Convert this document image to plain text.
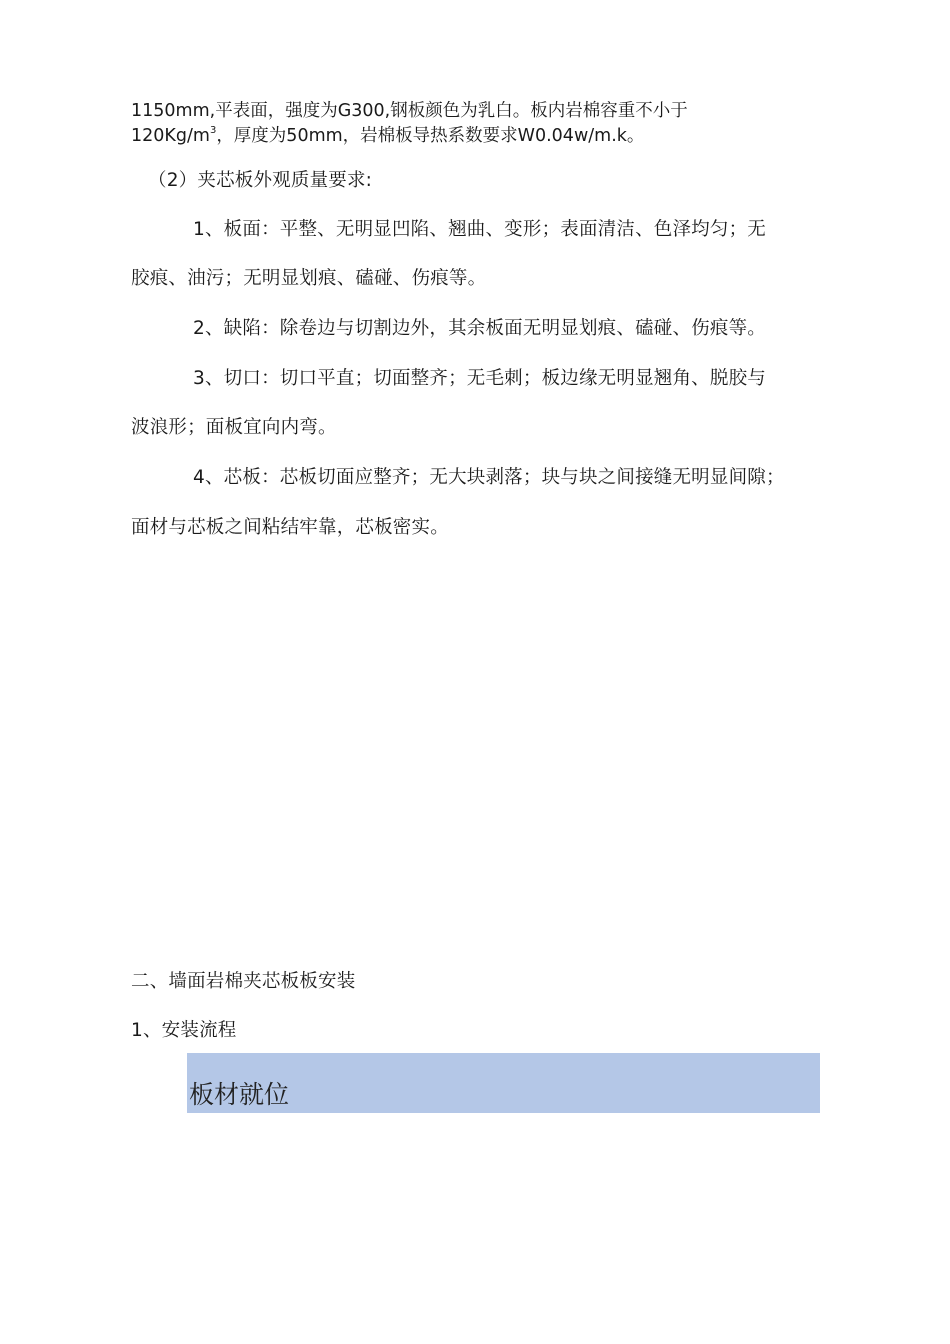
1150mm,平表面，强度为G300,钢板颜色为乳白。板内岩棉容重不小于
$120Kg/m^3$，厚度为50mm，岩棉板导热系数要求W0.04w/m.k。
（2）夹芯板外观质量要求:
1、板面：平整、无明显凹陷、翘曲、变形；表面清洁、色泽均匀；无
胶痕、油污；无明显划痕、磕碰、伤痕等。
2、缺陷：除卷边与切割边外，其余板面无明显划痕、磕碰、伤痕等。
3、切口：切口平直；切面整齐；无毛刺；板边缘无明显翘角、脱胶与
波浪形；面板宜向内弯。
4、芯板：芯板切面应整齐；无大块剥落；块与块之间接缝无明显间隙；
面材与芯板之间粘结牢靠，芯板密实。
二、墙面岩棉夹芯板板安装
1、安装流程
板材就位
